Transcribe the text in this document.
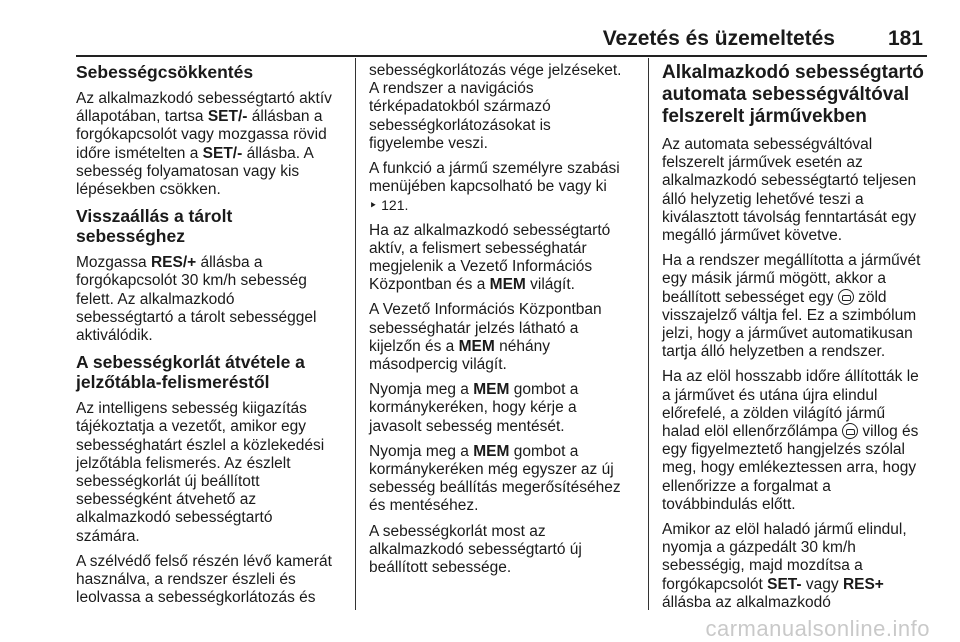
Vezetés és üzemeltetés	181
Sebességcsökkentés

Az alkalmazkodó sebességtartó aktív
állapotában, tartsa SET/- állásban a
forgókapcsolót vagy mozgassa rövid
időre ismételten a SET/- állásba. A
sebesség folyamatosan vagy kis
lépésekben csökken.

Visszaállás a tárolt sebességhez

Mozgassa RES/+ állásba a
forgókapcsolót 30 km/h sebesség
felett. Az alkalmazkodó
sebességtartó a tárolt sebességgel
aktiválódik.

A sebességkorlát átvétele a
jelzőtábla-felismeréstől

Az intelligens sebesség kiigazítás
tájékoztatja a vezetőt, amikor egy
sebességhatárt észlel a közlekedési
jelzőtábla felismerés. Az észlelt
sebességkorlát új beállított
sebességként átvehető az
alkalmazkodó sebességtartó
számára.

A szélvédő felső részén lévő kamerát
használva, a rendszer észleli és
leolvassa a sebességkorlátozás és

sebességkorlátozás vége jelzéseket.
A rendszer a navigációs
térképadatokból származó
sebességkorlátozásokat is
figyelembe veszi.

A funkció a jármű személyre szabási
menüjében kapcsolható be vagy ki
‣ 121.

Ha az alkalmazkodó sebességtartó
aktív, a felismert sebességhatár
megjelenik a Vezető Információs
Központban és a MEM világít.

A Vezető Információs Központban
sebességhatár jelzés látható a
kijelzőn és a MEM néhány
másodpercig világít.

Nyomja meg a MEM gombot a
kormánykeréken, hogy kérje a
javasolt sebesség mentését.

Nyomja meg a MEM gombot a
kormánykeréken még egyszer az új
sebesség beállítás megerősítéséhez
és mentéséhez.

A sebességkorlát most az
alkalmazkodó sebességtartó új
beállított sebessége.

Alkalmazkodó sebességtartó
automata sebességváltóval
felszerelt járművekben

Az automata sebességváltóval
felszerelt járművek esetén az
alkalmazkodó sebességtartó teljesen
álló helyzetig lehetővé teszi a
kiválasztott távolság fenntartását egy
megálló járművet követve.

Ha a rendszer megállította a járművét
egy másik jármű mögött, akkor a
beállított sebességet egy  zöld
visszajelző váltja fel. Ez a szimbólum
jelzi, hogy a járművet automatikusan
tartja álló helyzetben a rendszer.

Ha az elöl hosszabb időre állították le
a járművet és utána újra elindul
előrefelé, a zölden világító jármű
halad elöl ellenőrzőlámpa  villog és
egy figyelmeztető hangjelzés szólal
meg, hogy emlékeztessen arra, hogy
ellenőrizze a forgalmat a
továbbindulás előtt.

Amikor az elöl haladó jármű elindul,
nyomja a gázpedált 30 km/h
sebességig, majd mozdítsa a
forgókapcsolót SET- vagy RES+
állásba az alkalmazkodó

carmanualsonline.info
